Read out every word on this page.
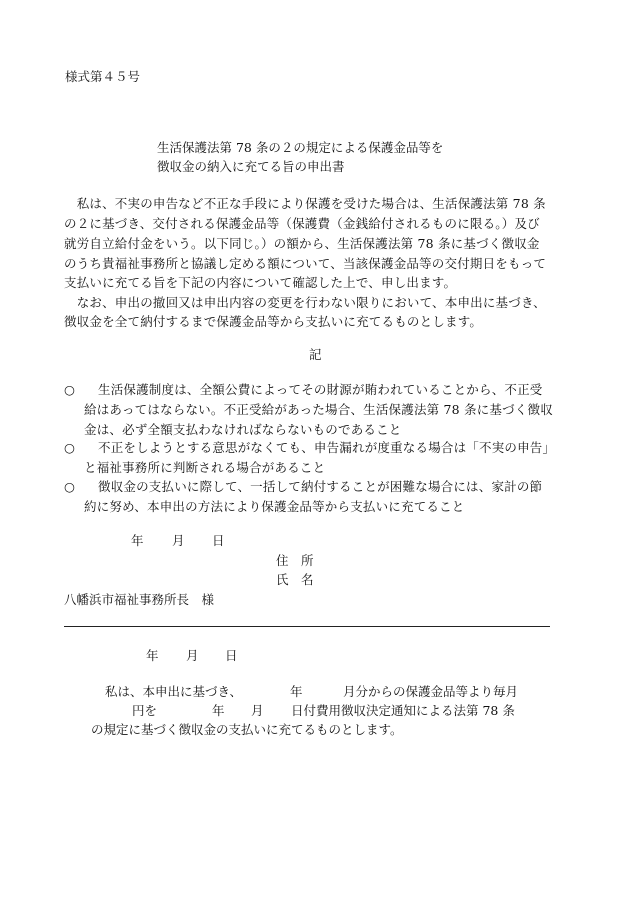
様式第４５号
生活保護法第 78 条の２の規定による保護金品等を
徴収金の納入に充てる旨の申出書
　私は、不実の申告など不正な手段により保護を受けた場合は、生活保護法第 78 条
の２に基づき、交付される保護金品等（保護費（金銭給付されるものに限る。）及び
就労自立給付金をいう。以下同じ。）の額から、生活保護法第 78 条に基づく徴収金
のうち貴福祉事務所と協議し定める額について、当該保護金品等の交付期日をもって
支払いに充てる旨を下記の内容について確認した上で、申し出ます。
　なお、申出の撤回又は申出内容の変更を行わない限りにおいて、本申出に基づき、
徴収金を全て納付するまで保護金品等から支払いに充てるものとします。
記
○ 生活保護制度は、全額公費によってその財源が賄われていることから、不正受
給はあってはならない。不正受給があった場合、生活保護法第 78 条に基づく徴収
金は、必ず全額支払わなければならないものであること
○ 不正をしようとする意思がなくても、申告漏れが度重なる場合は「不実の申告」
と福祉事務所に判断される場合があること
○ 徴収金の支払いに際して、一括して納付することが困難な場合には、家計の節
約に努め、本申出の方法により保護金品等から支払いに充てること
年 月 日
住　所
氏　名
八幡浜市福祉事務所長　様
年 月 日
私は、本申出に基づき、	年	月分からの保護金品等より毎月
円を	年 月 日付費用徴収決定通知による法第 78 条
の規定に基づく徴収金の支払いに充てるものとします。
